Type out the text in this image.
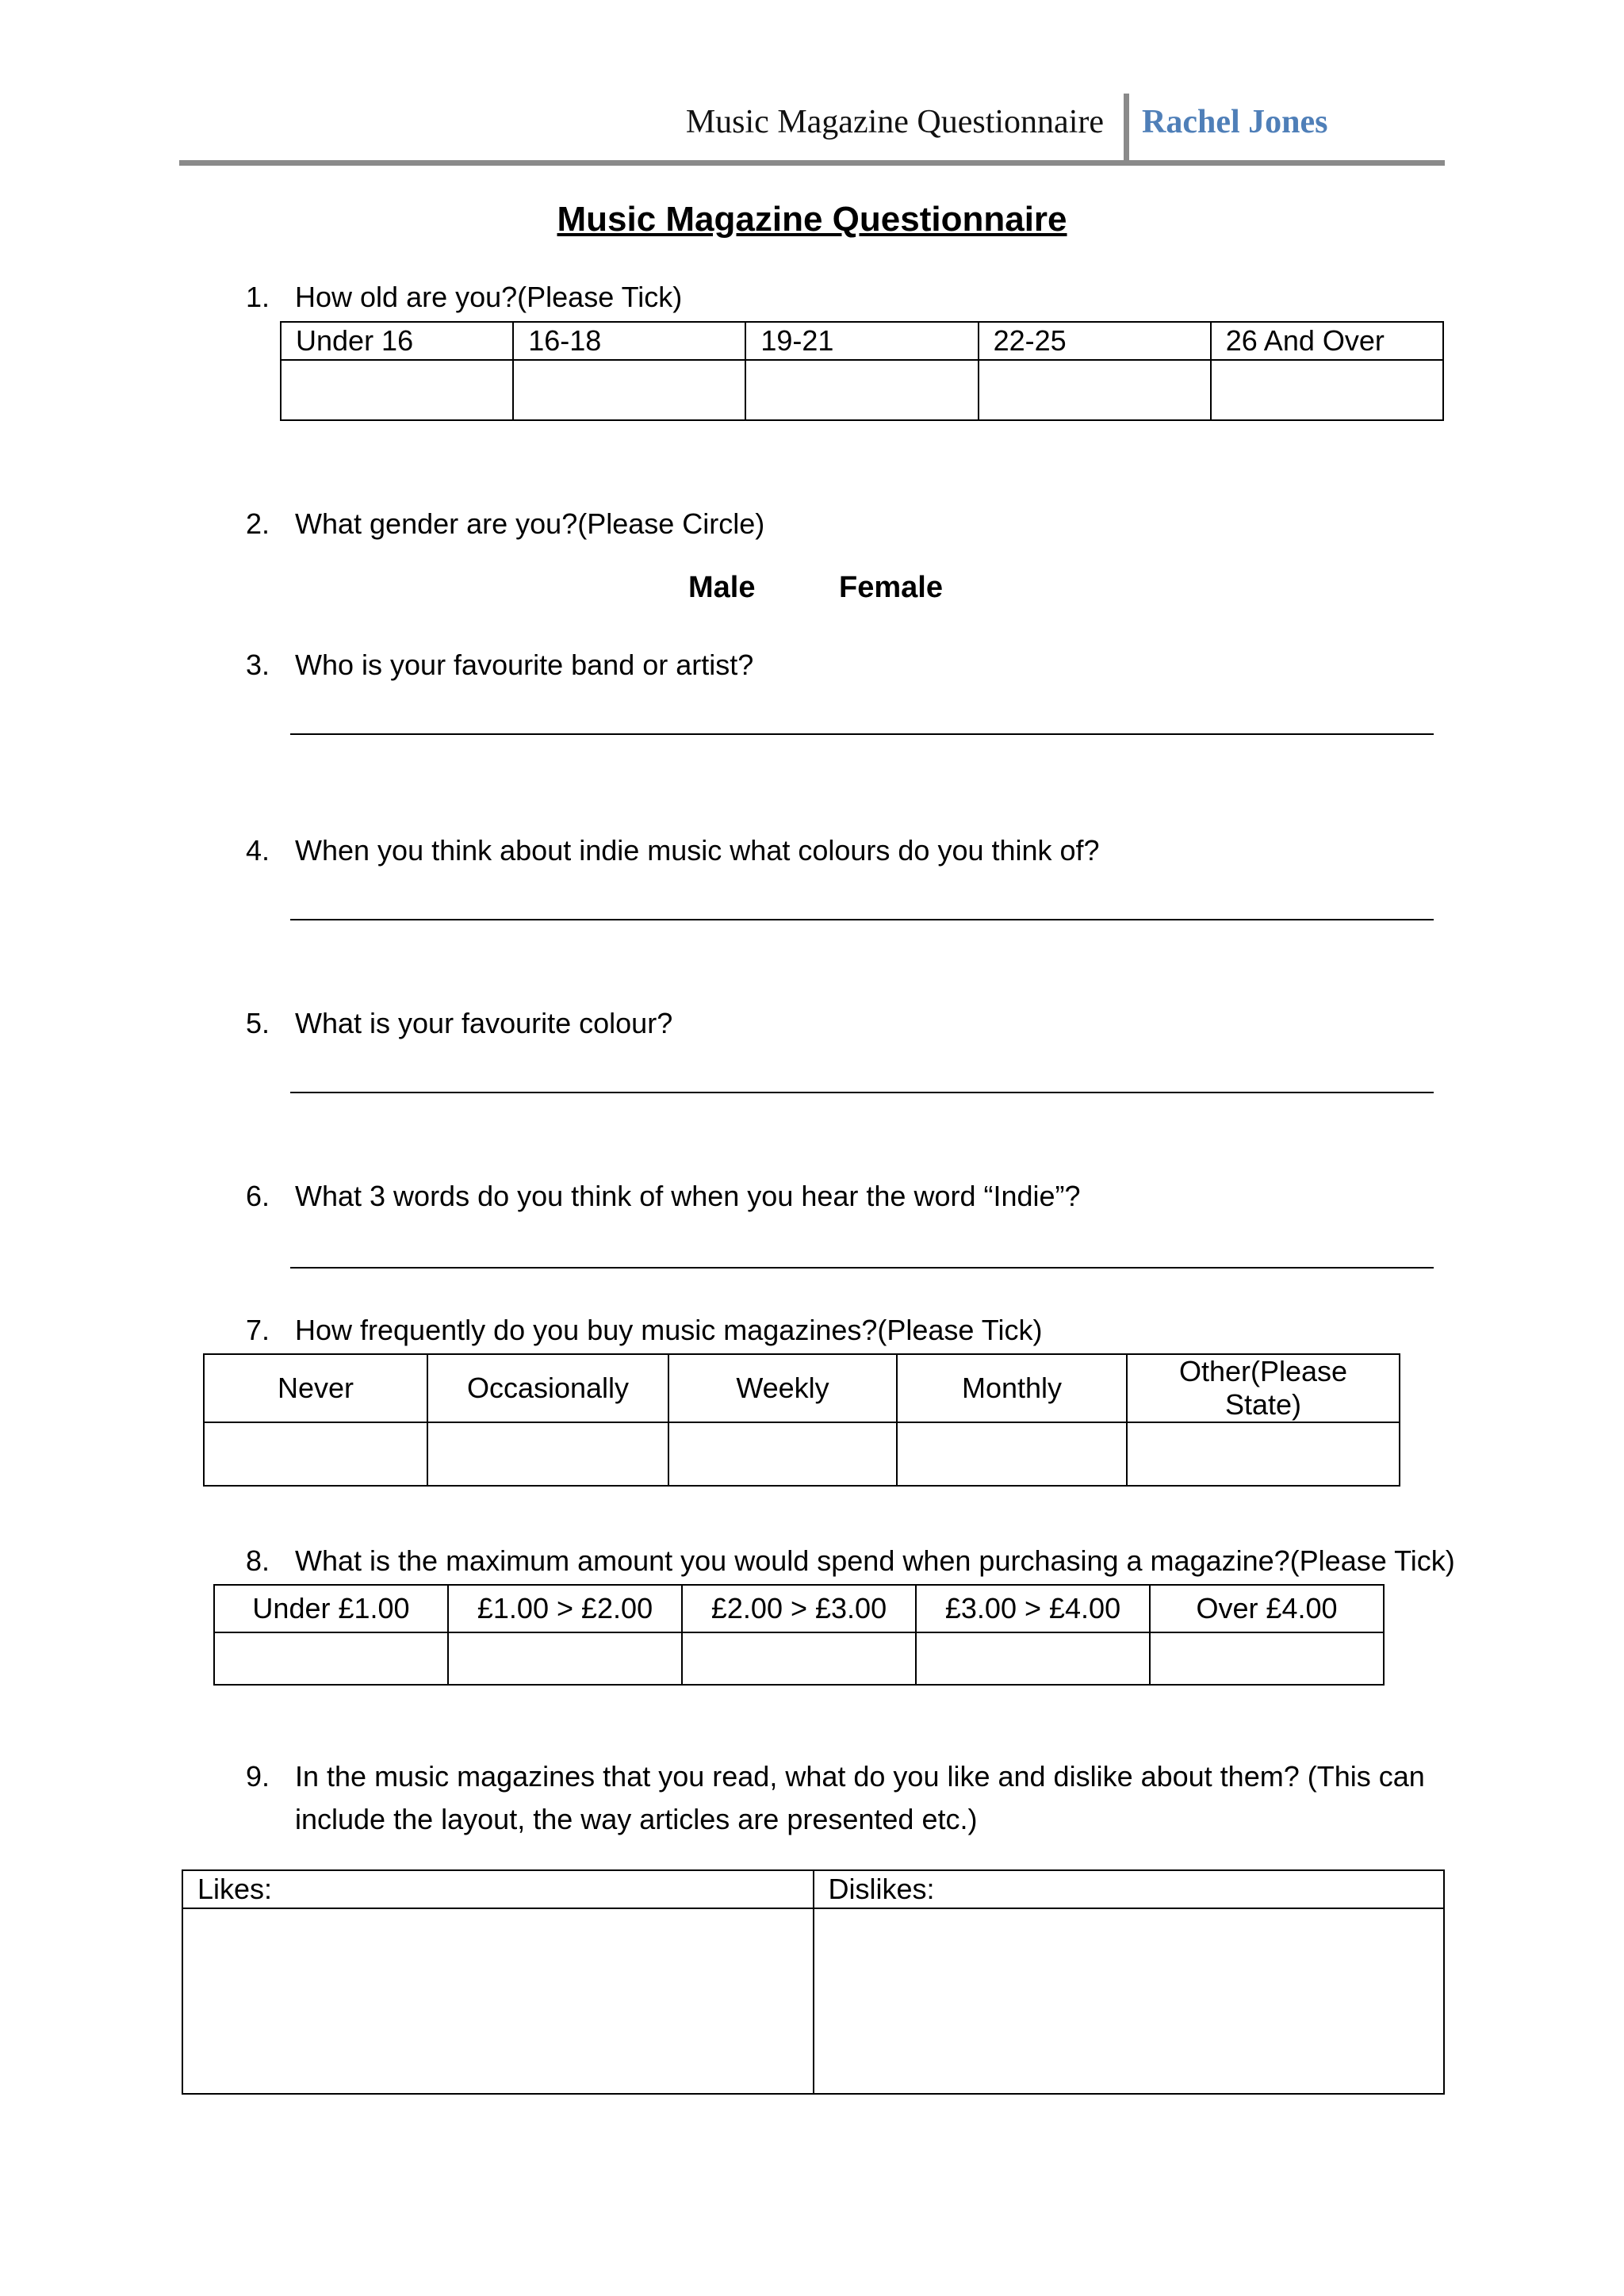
Music Magazine Questionnaire Rachel Jones
Music Magazine Questionnaire
1. How old are you?(Please Tick)
Under 16	16-18	19-21	22-25	26 And Over

2. What gender are you?(Please Circle)
Male	Female
3. Who is your favourite band or artist?
4. When you think about indie music what colours do you think of?
5. What is your favourite colour?
6. What 3 words do you think of when you hear the word “Indie”?
7. How frequently do you buy music magazines?(Please Tick)
Never	Occasionally	Weekly	Monthly	Other(Please State)

8. What is the maximum amount you would spend when purchasing a magazine?(Please Tick)
Under £1.00	£1.00 > £2.00	£2.00 > £3.00	£3.00 > £4.00	Over £4.00

9. In the music magazines that you read, what do you like and dislike about them? (This can
include the layout, the way articles are presented etc.)
Likes:	Dislikes:
